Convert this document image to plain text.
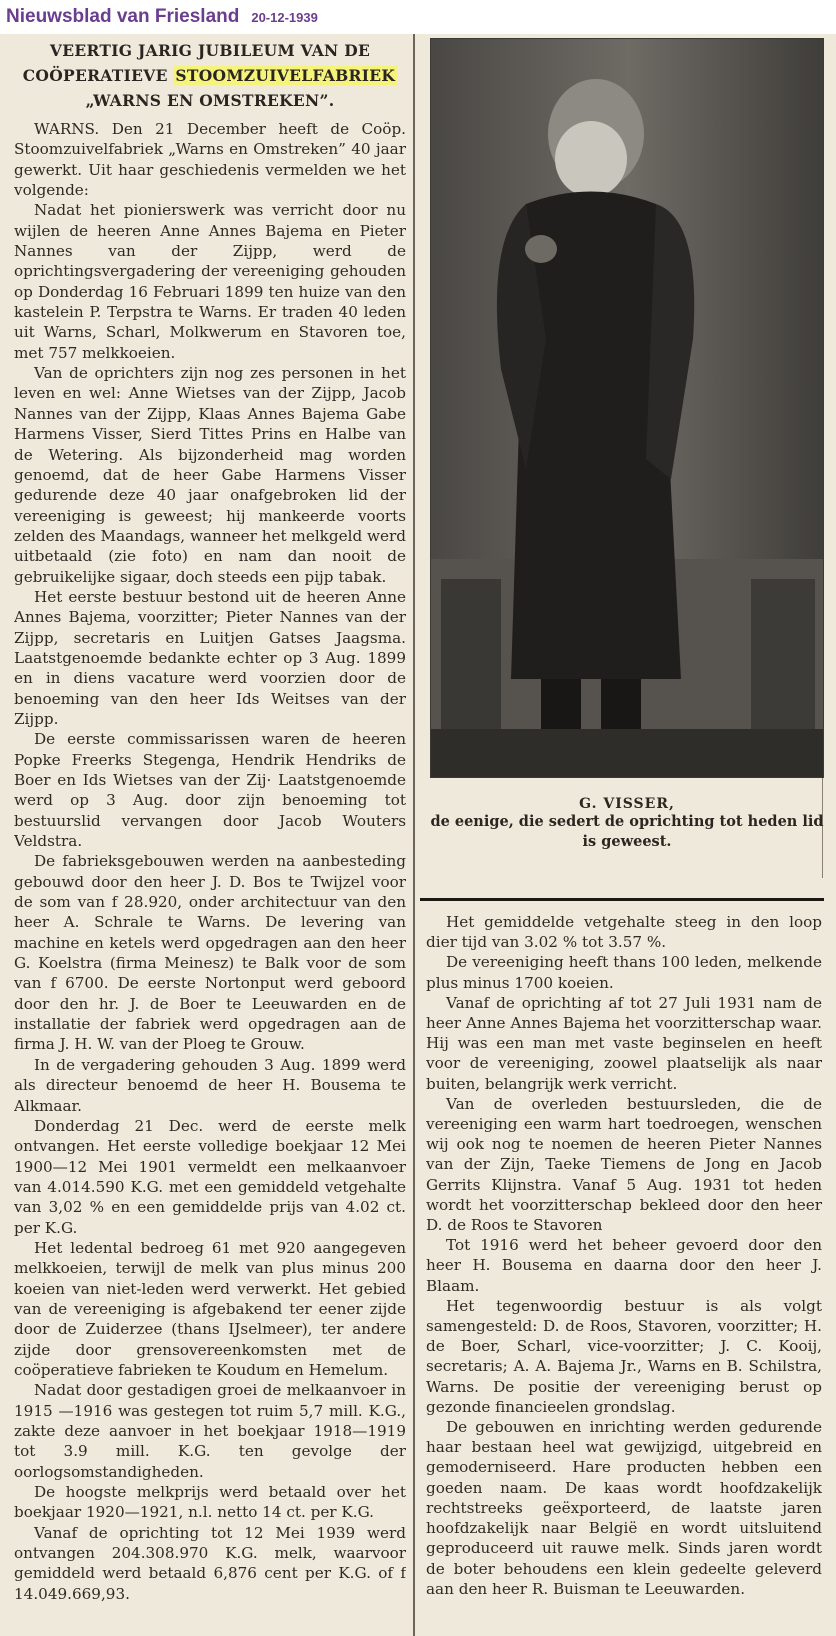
Nieuwsblad van Friesland 20-12-1939
VEERTIG JARIG JUBILEUM VAN DE
COÖPERATIEVE STOOMZUIVELFABRIEK
„WARNS EN OMSTREKEN”.

WARNS. Den 21 December heeft de Coöp. Stoomzuivelfabriek „Warns en Omstreken” 40 jaar gewerkt. Uit haar geschiedenis vermelden we het volgende:

Nadat het pionierswerk was verricht door nu wijlen de heeren Anne Annes Bajema en Pieter Nannes van der Zijpp, werd de oprichtingsvergadering der vereeniging gehouden op Donderdag 16 Februari 1899 ten huize van den kastelein P. Terpstra te Warns. Er traden 40 leden uit Warns, Scharl, Molkwerum en Stavoren toe, met 757 melkkoeien.

Van de oprichters zijn nog zes personen in het leven en wel: Anne Wietses van der Zijpp, Jacob Nannes van der Zijpp, Klaas Annes Bajema Gabe Harmens Visser, Sierd Tittes Prins en Halbe van de Wetering. Als bijzonderheid mag worden genoemd, dat de heer Gabe Harmens Visser gedurende deze 40 jaar onafgebroken lid der vereeniging is geweest; hij mankeerde voorts zelden des Maandags, wanneer het melkgeld werd uitbetaald (zie foto) en nam dan nooit de gebruikelijke sigaar, doch steeds een pijp tabak.

Het eerste bestuur bestond uit de heeren Anne Annes Bajema, voorzitter; Pieter Nannes van der Zijpp, secretaris en Luitjen Gatses Jaagsma. Laatstgenoemde bedankte echter op 3 Aug. 1899 en in diens vacature werd voorzien door de benoeming van den heer Ids Weitses van der Zijpp.

De eerste commissarissen waren de heeren Popke Freerks Stegenga, Hendrik Hendriks de Boer en Ids Wietses van der Zij· Laatstgenoemde werd op 3 Aug. door zijn benoeming tot bestuurslid vervangen door Jacob Wouters Veldstra.

De fabrieksgebouwen werden na aanbesteding gebouwd door den heer J. D. Bos te Twijzel voor de som van f 28.920, onder architectuur van den heer A. Schrale te Warns. De levering van machine en ketels werd opgedragen aan den heer G. Koelstra (firma Meinesz) te Balk voor de som van f 6700. De eerste Nortonput werd geboord door den hr. J. de Boer te Leeuwarden en de installatie der fabriek werd opgedragen aan de firma J. H. W. van der Ploeg te Grouw.

In de vergadering gehouden 3 Aug. 1899 werd als directeur benoemd de heer H. Bousema te Alkmaar.

Donderdag 21 Dec. werd de eerste melk ontvangen. Het eerste volledige boekjaar 12 Mei 1900—12 Mei 1901 vermeldt een melkaanvoer van 4.014.590 K.G. met een gemiddeld vetgehalte van 3,02 % en een gemiddelde prijs van 4.02 ct. per K.G.

Het ledental bedroeg 61 met 920 aangegeven melkkoeien, terwijl de melk van plus minus 200 koeien van niet-leden werd verwerkt. Het gebied van de vereeniging is afgebakend ter eener zijde door de Zuiderzee (thans IJselmeer), ter andere zijde door grensovereenkomsten met de coöperatieve fabrieken te Koudum en Hemelum.

Nadat door gestadigen groei de melkaanvoer in 1915 —1916 was gestegen tot ruim 5,7 mill. K.G., zakte deze aanvoer in het boekjaar 1918—1919 tot 3.9 mill. K.G. ten gevolge der oorlogsomstandigheden.

De hoogste melkprijs werd betaald over het boekjaar 1920—1921, n.l. netto 14 ct. per K.G.

Vanaf de oprichting tot 12 Mei 1939 werd ontvangen 204.308.970 K.G. melk, waarvoor gemiddeld werd betaald 6,876 cent per K.G. of f 14.049.669,93.

G. VISSER,
de eenige, die sedert de oprichting tot heden lid is geweest.

Het gemiddelde vetgehalte steeg in den loop dier tijd van 3.02 % tot 3.57 %.

De vereeniging heeft thans 100 leden, melkende plus minus 1700 koeien.

Vanaf de oprichting af tot 27 Juli 1931 nam de heer Anne Annes Bajema het voorzitterschap waar. Hij was een man met vaste beginselen en heeft voor de vereeniging, zoowel plaatselijk als naar buiten, belangrijk werk verricht.

Van de overleden bestuursleden, die de vereeniging een warm hart toedroegen, wenschen wij ook nog te noemen de heeren Pieter Nannes van der Zijn, Taeke Tiemens de Jong en Jacob Gerrits Klijnstra. Vanaf 5 Aug. 1931 tot heden wordt het voorzitterschap bekleed door den heer D. de Roos te Stavoren

Tot 1916 werd het beheer gevoerd door den heer H. Bousema en daarna door den heer J. Blaam.

Het tegenwoordig bestuur is als volgt samengesteld: D. de Roos, Stavoren, voorzitter; H. de Boer, Scharl, vice-voorzitter; J. C. Kooij, secretaris; A. A. Bajema Jr., Warns en B. Schilstra, Warns. De positie der vereeniging berust op gezonde financieelen grondslag.

De gebouwen en inrichting werden gedurende haar bestaan heel wat gewijzigd, uitgebreid en gemoderniseerd. Hare producten hebben een goeden naam. De kaas wordt hoofdzakelijk rechtstreeks geëxporteerd, de laatste jaren hoofdzakelijk naar België en wordt uitsluitend geproduceerd uit rauwe melk. Sinds jaren wordt de boter behoudens een klein gedeelte geleverd aan den heer R. Buisman te Leeuwarden.
